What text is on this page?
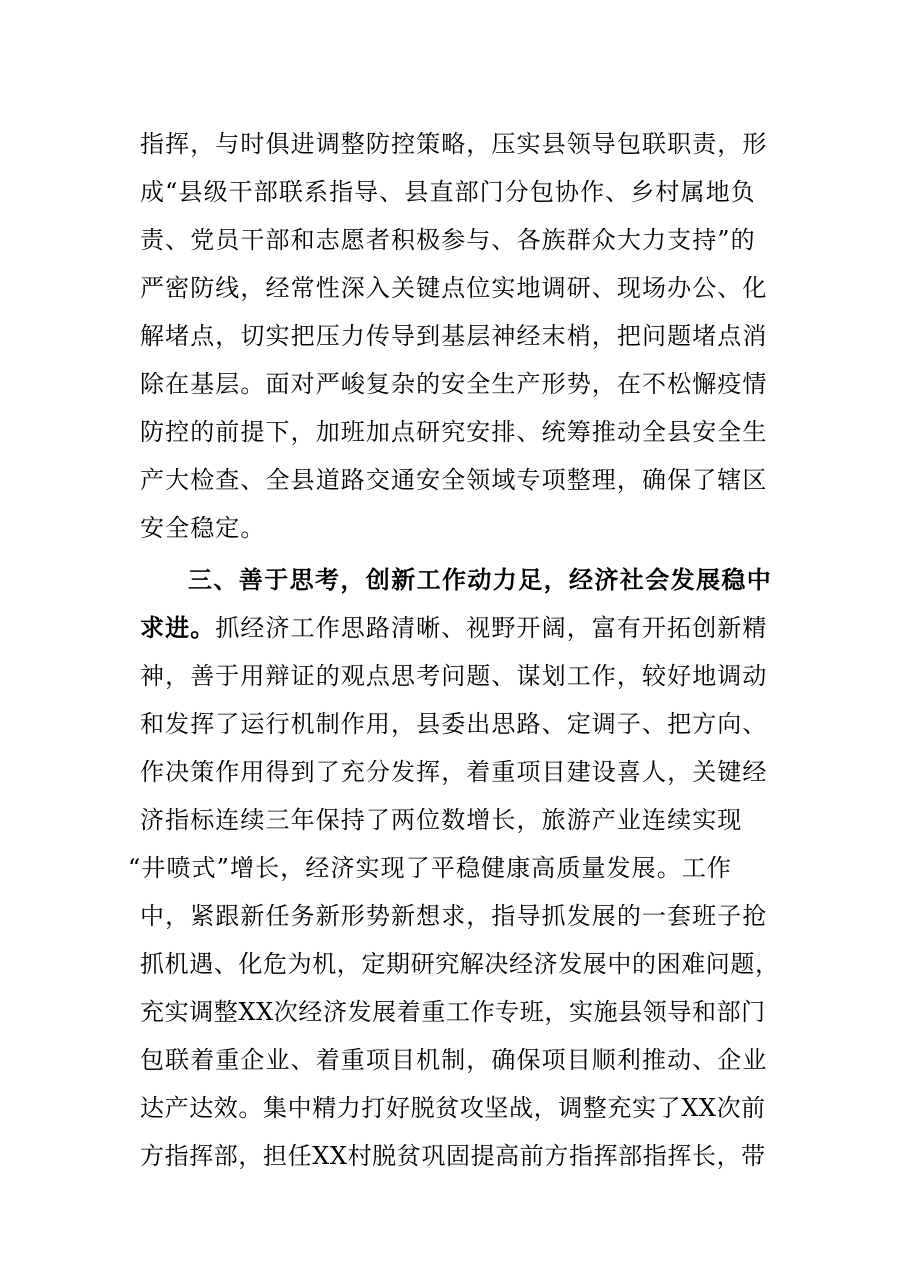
指挥，与时俱进调整防控策略，压实县领导包联职责，形
成“县级干部联系指导、县直部门分包协作、乡村属地负
责、党员干部和志愿者积极参与、各族群众大力支持”的
严密防线，经常性深入关键点位实地调研、现场办公、化
解堵点，切实把压力传导到基层神经末梢，把问题堵点消
除在基层。面对严峻复杂的安全生产形势，在不松懈疫情
防控的前提下，加班加点研究安排、统筹推动全县安全生
产大检查、全县道路交通安全领域专项整理，确保了辖区
安全稳定。
三、善于思考，创新工作动力足，经济社会发展稳中
求进。抓经济工作思路清晰、视野开阔，富有开拓创新精
神，善于用辩证的观点思考问题、谋划工作，较好地调动
和发挥了运行机制作用，县委出思路、定调子、把方向、
作决策作用得到了充分发挥，着重项目建设喜人，关键经
济指标连续三年保持了两位数增长，旅游产业连续实现
“井喷式”增长，经济实现了平稳健康高质量发展。工作
中，紧跟新任务新形势新想求，指导抓发展的一套班子抢
抓机遇、化危为机，定期研究解决经济发展中的困难问题，
充实调整XX次经济发展着重工作专班，实施县领导和部门
包联着重企业、着重项目机制，确保项目顺利推动、企业
达产达效。集中精力打好脱贫攻坚战，调整充实了XX次前
方指挥部，担任XX村脱贫巩固提高前方指挥部指挥长，带
